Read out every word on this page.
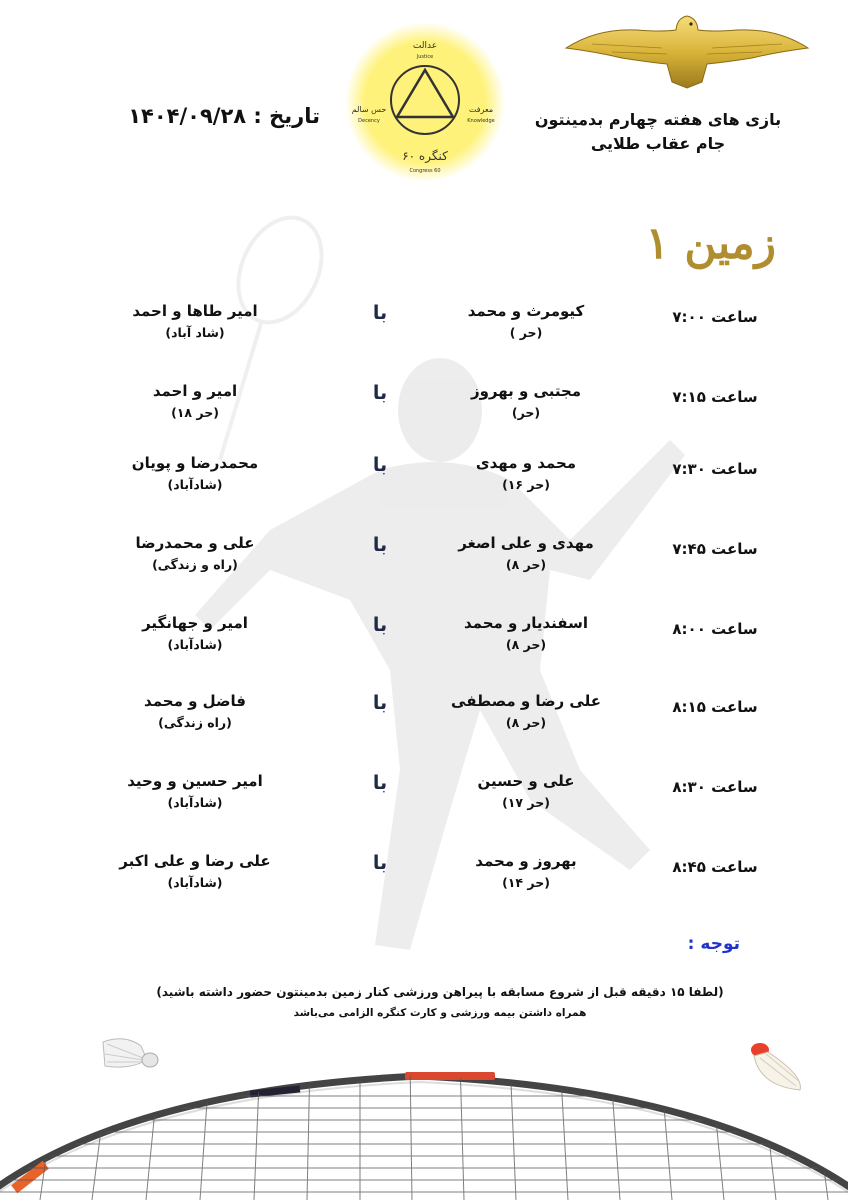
بازی های هفته چهارم بدمینتون
جام عقاب طلایی
تاریخ : ۱۴۰۴/۰۹/۲۸
عدالت
Justice
حس سالم
Decency
معرفت
Knowledge
کنگره ۶۰
Congress 60
زمین ۱
ساعت ۷:۰۰
کیومرث و محمد
(حر )
با
امیر طاها و احمد
(شاد آباد)
ساعت ۷:۱۵
مجتبی و بهروز
(حر)
با
امیر و احمد
(حر ۱۸)
ساعت ۷:۳۰
محمد و مهدی
(حر ۱۶)
با
محمدرضا و پویان
(شادآباد)
ساعت ۷:۴۵
مهدی و علی اصغر
(حر ۸)
با
علی و محمدرضا
(راه و زندگی)
ساعت ۸:۰۰
اسفندیار و محمد
(حر ۸)
با
امیر و جهانگیر
(شادآباد)
ساعت ۸:۱۵
علی رضا و مصطفی
(حر ۸)
با
فاضل و محمد
(راه زندگی)
ساعت ۸:۳۰
علی و حسین
(حر ۱۷)
با
امیر حسین و وحید
(شادآباد)
ساعت ۸:۴۵
بهروز و محمد
(حر ۱۴)
با
علی رضا و علی اکبر
(شادآباد)
توجه :
(لطفا ۱۵ دقیقه قبل از شروع مسابقه با پیراهن ورزشی کنار زمین بدمینتون حضور داشته باشید)
همراه داشتن بیمه ورزشی و کارت کنگره الزامی می‌باشد
